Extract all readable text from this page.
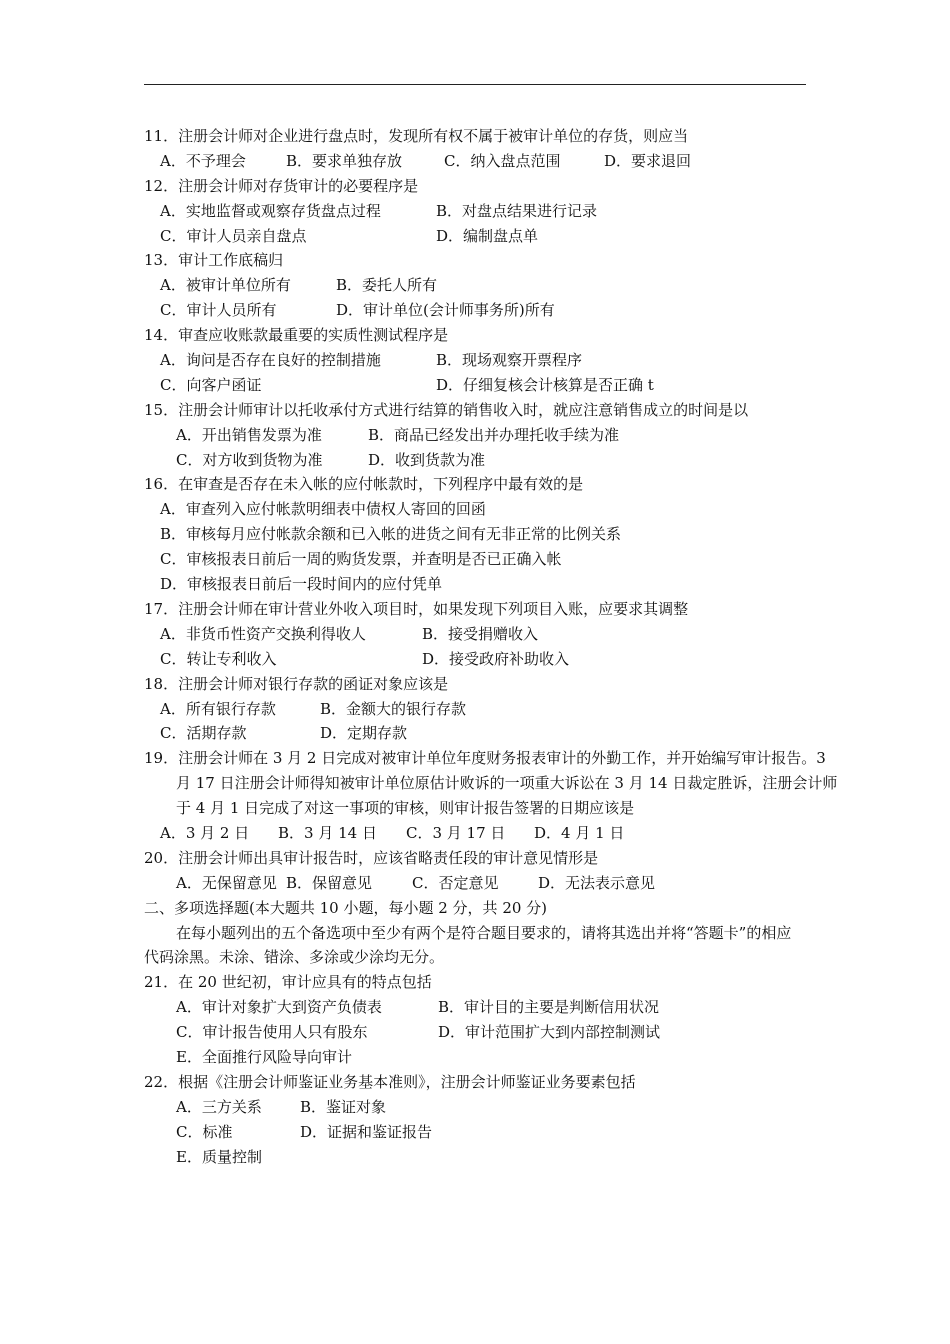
11．注册会计师对企业进行盘点时，发现所有权不属于被审计单位的存货，则应当
A．不予理会	B．要求单独存放	C．纳入盘点范围	D．要求退回
12．注册会计师对存货审计的必要程序是
A．实地监督或观察存货盘点过程	B．对盘点结果进行记录
C．审计人员亲自盘点	D．编制盘点单
13．审计工作底稿归
A．被审计单位所有	B．委托人所有
C．审计人员所有	D．审计单位(会计师事务所)所有
14．审查应收账款最重要的实质性测试程序是
A．询问是否存在良好的控制措施	B．现场观察开票程序
C．向客户函证	D．仔细复核会计核算是否正确 t
15．注册会计师审计以托收承付方式进行结算的销售收入时，就应注意销售成立的时间是以
A．开出销售发票为准	B．商品已经发出并办理托收手续为准
C．对方收到货物为准	D．收到货款为准
16．在审查是否存在未入帐的应付帐款时，下列程序中最有效的是
A．审查列入应付帐款明细表中债权人寄回的回函
B．审核每月应付帐款余额和已入帐的进货之间有无非正常的比例关系
C．审核报表日前后一周的购货发票，并查明是否已正确入帐
D．审核报表日前后一段时间内的应付凭单
17．注册会计师在审计营业外收入项目时，如果发现下列项目入账，应要求其调整
A．非货币性资产交换利得收人	B．接受捐赠收入
C．转让专利收入	D．接受政府补助收入
18．注册会计师对银行存款的函证对象应该是
A．所有银行存款	B．金额大的银行存款
C．活期存款	D．定期存款
19．注册会计师在 3 月 2 日完成对被审计单位年度财务报表审计的外勤工作，并开始编写审计报告。3 月 17 日注册会计师得知被审计单位原估计败诉的一项重大诉讼在 3 月 14 日裁定胜诉，注册会计师于 4 月 1 日完成了对这一事项的审核，则审计报告签署的日期应该是
A．3 月 2 日 B．3 月 14 日 C．3 月 17 日 D．4 月 1 日
20．注册会计师出具审计报告时，应该省略责任段的审计意见情形是
A．无保留意见 B．保留意见	C．否定意见	D．无法表示意见
二、多项选择题(本大题共 10 小题，每小题 2 分，共 20 分)
在每小题列出的五个备选项中至少有两个是符合题目要求的，请将其选出并将“答题卡”的相应代码涂黑。未涂、错涂、多涂或少涂均无分。
21．在 20 世纪初，审计应具有的特点包括
A．审计对象扩大到资产负债表	B．审计目的主要是判断信用状况
C．审计报告使用人只有股东	D．审计范围扩大到内部控制测试
E．全面推行风险导向审计
22．根据《注册会计师鉴证业务基本准则》，注册会计师鉴证业务要素包括
A．三方关系	B．鉴证对象
C．标准	D．证据和鉴证报告
E．质量控制
